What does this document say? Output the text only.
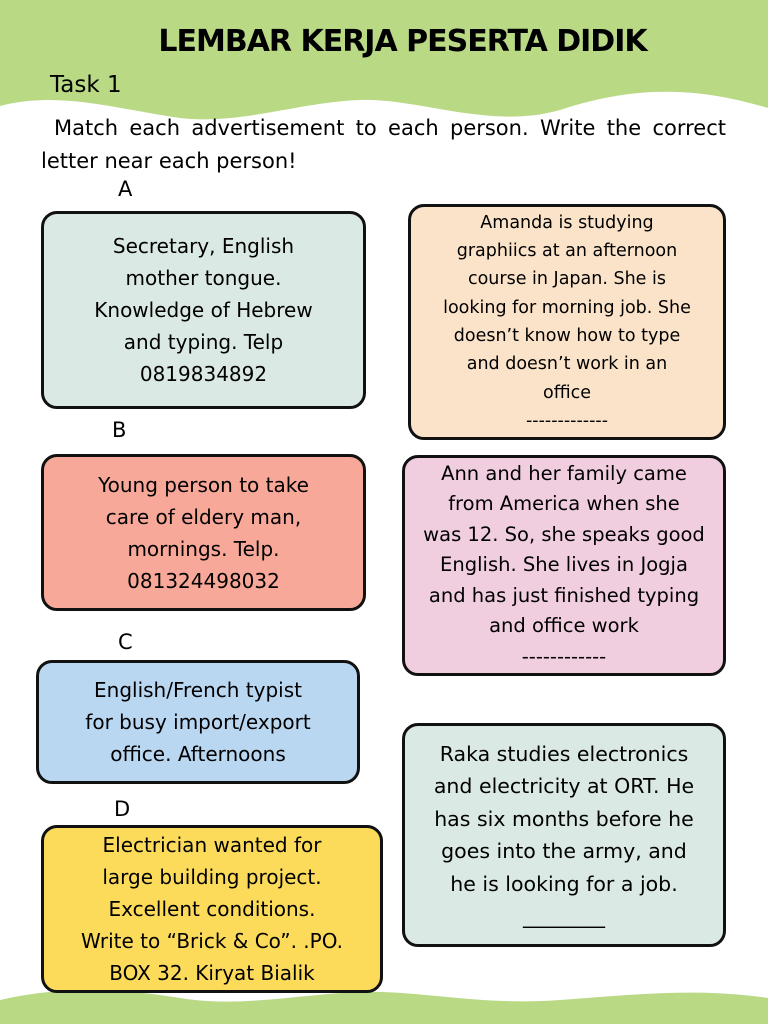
LEMBAR KERJA PESERTA DIDIK
Task 1
Match each advertisement to each person. Write the correct letter near each person!
A
B
C
D
Secretary, English
mother tongue.
Knowledge of Hebrew
and typing. Telp
0819834892
Young person to take
care of eldery man,
mornings. Telp.
081324498032
English/French typist
for busy import/export
office. Afternoons
Electrician wanted for
large building project.
Excellent conditions.
Write to “Brick & Co”. .PO.
BOX 32. Kiryat Bialik
Amanda is studying
graphiics at an afternoon
course in Japan. She is
looking for morning job. She
doesn’t know how to type
and doesn’t work in an
office
-------------
Ann and her family came
from America when she
was 12. So, she speaks good
English. She lives in Jogja
and has just finished typing
and office work
------------
Raka studies electronics
and electricity at ORT. He
has six months before he
goes into the army, and
he is looking for a job.
________
